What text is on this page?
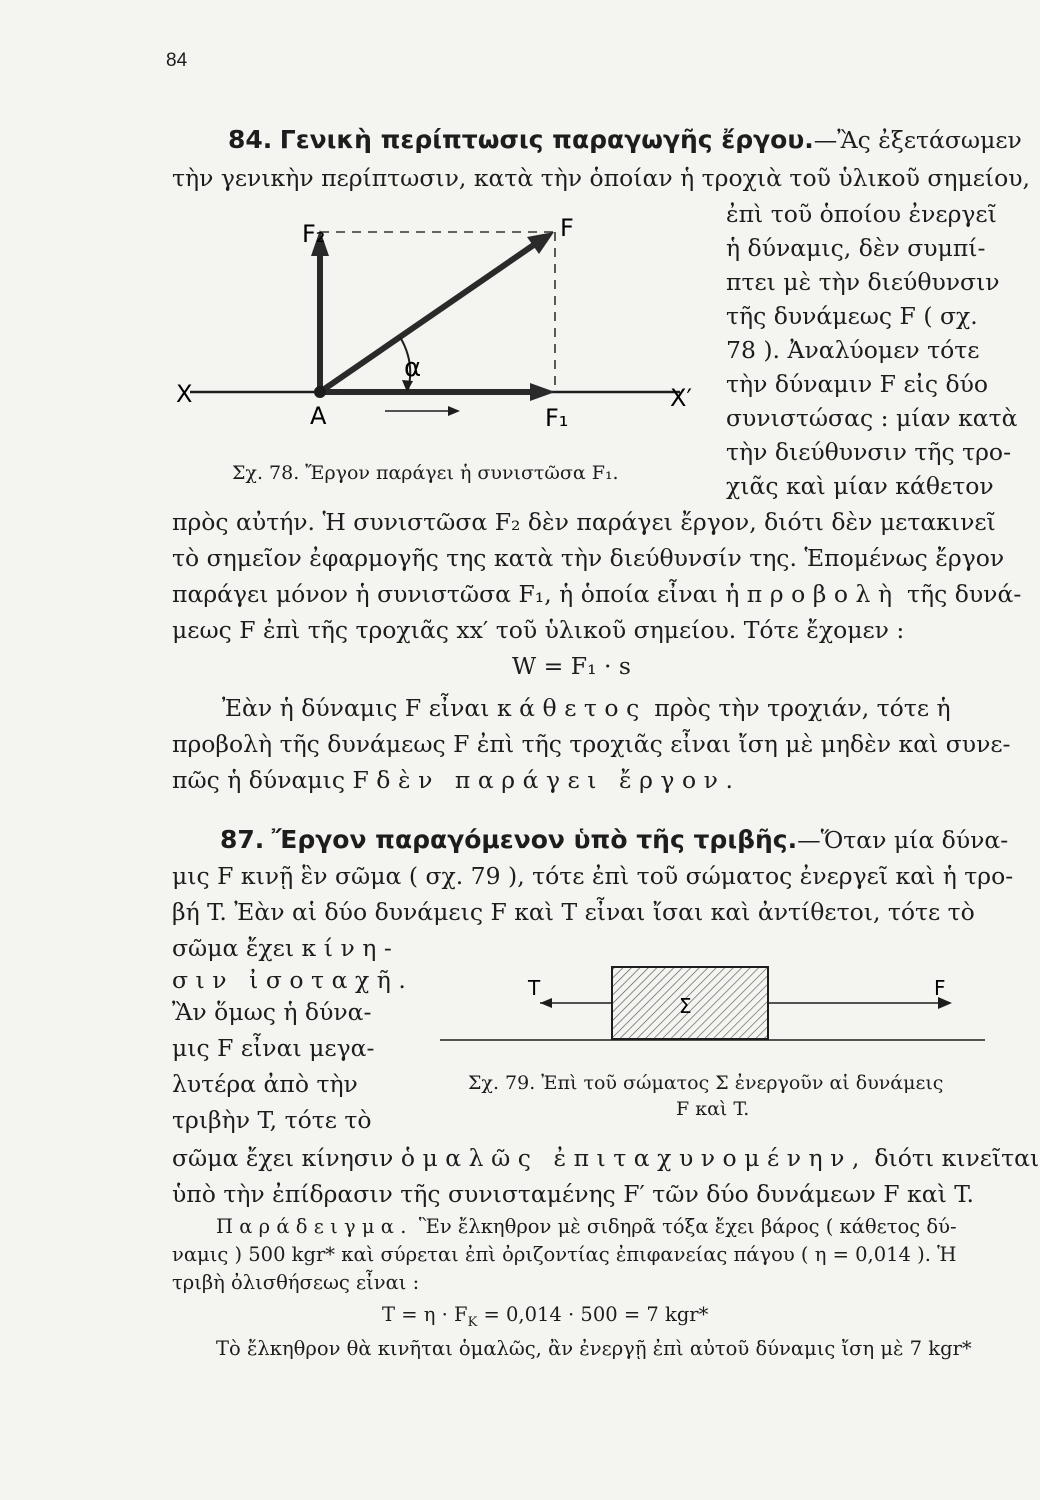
84
84. Γενικὴ περίπτωσις παραγωγῆς ἔργου.—Ἂς ἐξετάσωμεν
τὴν γενικὴν περίπτωσιν, κατὰ τὴν ὁποίαν ἡ τροχιὰ τοῦ ὑλικοῦ σημείου,
ἐπὶ τοῦ ὁποίου ἐνεργεῖ
ἡ δύναμις, δὲν συμπί-
πτει μὲ τὴν διεύθυνσιν
τῆς δυνάμεως F ( σχ.
78 ). Ἀναλύομεν τότε
τὴν δύναμιν F εἰς δύο
συνιστώσας : μίαν κατὰ
τὴν διεύθυνσιν τῆς τρο-
χιᾶς καὶ μίαν κάθετον
F₂	F
α
X
A
X′
F₁
Σχ. 78. Ἔργον παράγει ἡ συνιστῶσα F₁.
πρὸς αὐτήν. Ἡ συνιστῶσα F₂ δὲν παράγει ἔργον, διότι δὲν μετακινεῖ
τὸ σημεῖον ἐφαρμογῆς της κατὰ τὴν διεύθυνσίν της. Ἑπομένως ἔργον
παράγει μόνον ἡ συνιστῶσα F₁, ἡ ὁποία εἶναι ἡ προβολὴ τῆς δυνά-
μεως F ἐπὶ τῆς τροχιᾶς xx′ τοῦ ὑλικοῦ σημείου. Τότε ἔχομεν :
W = F₁ · s
Ἐὰν ἡ δύναμις F εἶναι κάθετος πρὸς τὴν τροχιάν, τότε ἡ
προβολὴ τῆς δυνάμεως F ἐπὶ τῆς τροχιᾶς εἶναι ἴση μὲ μηδὲν καὶ συνε-
πῶς ἡ δύναμις F δὲν παράγει ἔργον.
87. Ἔργον παραγόμενον ὑπὸ τῆς τριβῆς.—Ὅταν μία δύνα-
μις F κινῇ ἓν σῶμα ( σχ. 79 ), τότε ἐπὶ τοῦ σώματος ἐνεργεῖ καὶ ἡ τρο-
βή T. Ἐὰν αἱ δύο δυνάμεις F καὶ T εἶναι ἴσαι καὶ ἀντίθετοι, τότε τὸ
σῶμα ἔχει κίνη-
σιν ἰσοταχῆ.
Ἂν ὅμως ἡ δύνα-
μις F εἶναι μεγα-
λυτέρα ἀπὸ τὴν
τριβὴν T, τότε τὸ
T
Σ
F
Σχ. 79. Ἐπὶ τοῦ σώματος Σ ἐνεργοῦν αἱ δυνάμεις
F καὶ T.
σῶμα ἔχει κίνησιν ὁμαλῶς ἐπιταχυνομένην, διότι κινεῖται
ὑπὸ τὴν ἐπίδρασιν τῆς συνισταμένης F′ τῶν δύο δυνάμεων F καὶ T.
Παράδειγμα. Ἓν ἔλκηθρον μὲ σιδηρᾶ τόξα ἔχει βάρος ( κάθετος δύ-
ναμις ) 500 kgr* καὶ σύρεται ἐπὶ ὀριζοντίας ἐπιφανείας πάγου ( η = 0,014 ). Ἡ
τριβὴ ὀλισθήσεως εἶναι :
$T = \eta \cdot F_K = 0,014 \cdot 500 = 7$ kgr*
Τὸ ἔλκηθρον θὰ κινῆται ὁμαλῶς, ἂν ἐνεργῇ ἐπὶ αὐτοῦ δύναμις ἴση μὲ 7 kgr*
